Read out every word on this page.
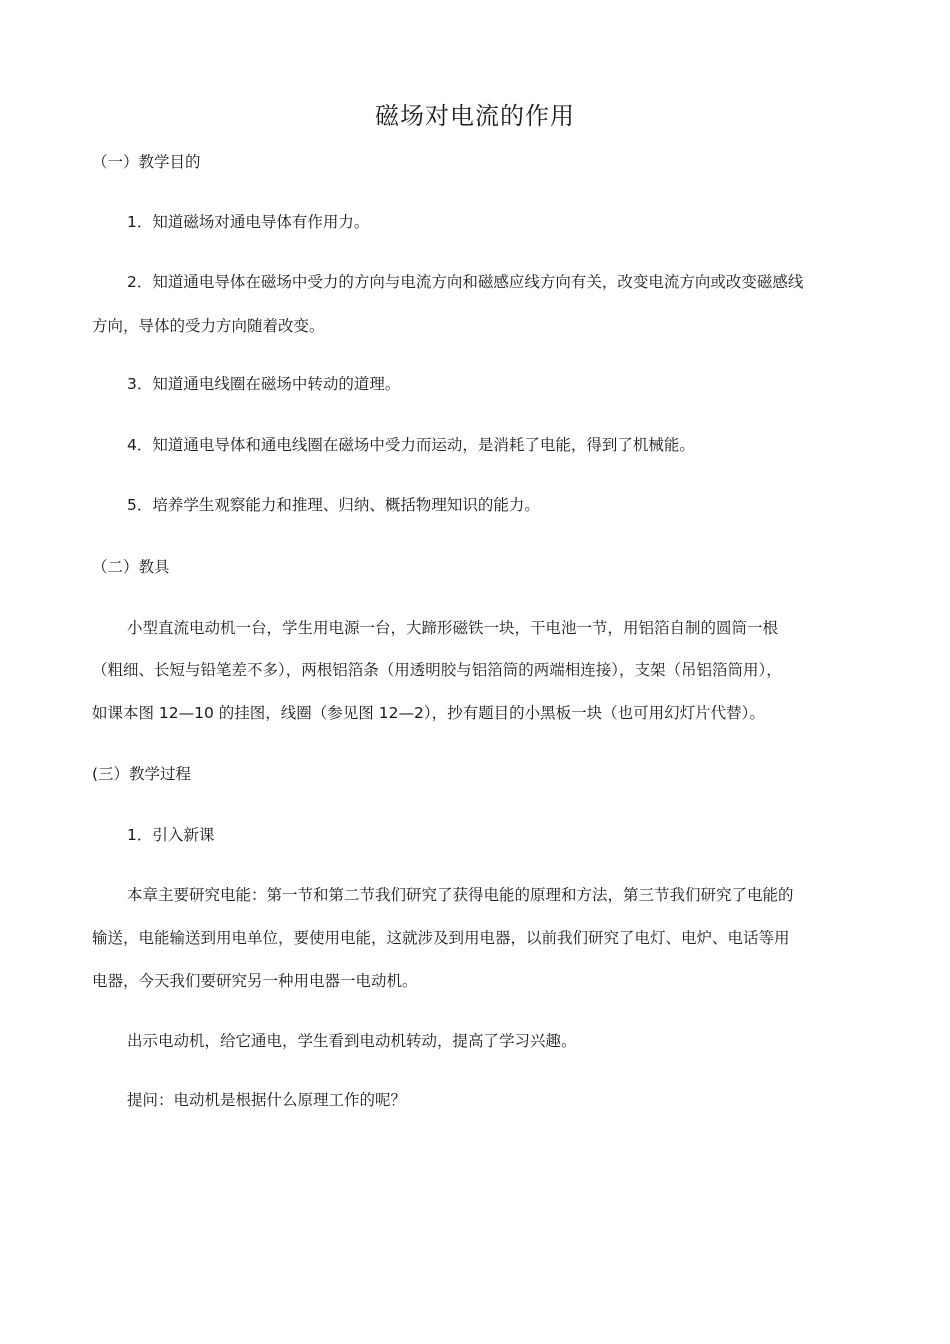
磁场对电流的作用
（一）教学目的
1．知道磁场对通电导体有作用力。
2．知道通电导体在磁场中受力的方向与电流方向和磁感应线方向有关，改变电流方向或改变磁感线
方向，导体的受力方向随着改变。
3．知道通电线圈在磁场中转动的道理。
4．知道通电导体和通电线圈在磁场中受力而运动，是消耗了电能，得到了机械能。
5．培养学生观察能力和推理、归纳、概括物理知识的能力。
（二）教具
小型直流电动机一台，学生用电源一台，大蹄形磁铁一块，干电池一节，用铝箔自制的圆筒一根
（粗细、长短与铅笔差不多），两根铝箔条（用透明胶与铝箔筒的两端相连接），支架（吊铝箔筒用），
如课本图 12—10 的挂图，线圈（参见图 12—2），抄有题目的小黑板一块（也可用幻灯片代替）。
(三）教学过程
1．引入新课
本章主要研究电能：第一节和第二节我们研究了获得电能的原理和方法，第三节我们研究了电能的
输送，电能输送到用电单位，要使用电能，这就涉及到用电器，以前我们研究了电灯、电炉、电话等用
电器，今天我们要研究另一种用电器一电动机。
出示电动机，给它通电，学生看到电动机转动，提高了学习兴趣。
提问：电动机是根据什么原理工作的呢？
